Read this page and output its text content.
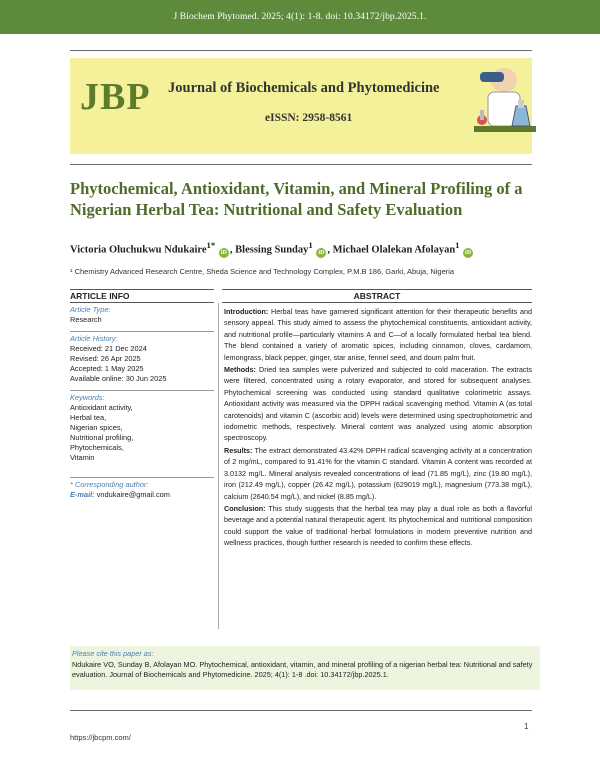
J Biochem Phytomed. 2025; 4(1): 1-8. doi: 10.34172/jbp.2025.1.
JBP Journal of Biochemicals and Phytomedicine
eISSN: 2958-8561
Phytochemical, Antioxidant, Vitamin, and Mineral Profiling of a Nigerian Herbal Tea: Nutritional and Safety Evaluation
Victoria Oluchukwu Ndukaire$^{1*}$ iD , Blessing Sunday$^1$ iD , Michael Olalekan Afolayan$^1$ iD
¹ Chemistry Advanced Research Centre, Sheda Science and Technology Complex, P.M.B 186, Garki, Abuja, Nigeria
ARTICLE INFO	ABSTRACT
Article Type:
Research
Article History:
Received: 21 Dec 2024
Revised: 26 Apr 2025
Accepted: 1 May 2025
Available online: 30 Jun 2025
Keywords:
Antioxidant activity,
Herbal tea,
Nigerian spices,
Nutritional profiling,
Phytochemicals,
Vitamin
* Corresponding author:
E-mail: vndukaire@gmail.com

Introduction: Herbal teas have garnered significant attention for their therapeutic benefits and sensory appeal. This study aimed to assess the phytochemical constituents, antioxidant activity, and nutritional profile—particularly vitamins A and C—of a locally formulated herbal tea blend. The blend contained a variety of aromatic spices, including cinnamon, cloves, cardamom, lemongrass, black pepper, ginger, star anise, fennel seed, and doum palm fruit.

Methods: Dried tea samples were pulverized and subjected to cold maceration. The extracts were filtered, concentrated using a rotary evaporator, and stored for subsequent analyses. Phytochemical screening was conducted using standard qualitative colorimetric assays. Antioxidant activity was measured via the DPPH radical scavenging method. Vitamin A (as total carotenoids) and vitamin C (ascorbic acid) levels were determined using spectrophotometric and iodometric methods, respectively. Mineral content was analyzed using atomic absorption spectroscopy.

Results: The extract demonstrated 43.42% DPPH radical scavenging activity at a concentration of 2 mg/mL, compared to 91.41% for the vitamin C standard. Vitamin A content was recorded at 3.0132 mg/L. Mineral analysis revealed concentrations of lead (71.85 mg/L), zinc (19.80 mg/L), iron (212.49 mg/L), copper (26.42 mg/L), potassium (629019 mg/L), magnesium (773.38 mg/L), calcium (2640.54 mg/L), and nickel (8.85 mg/L).

Conclusion: This study suggests that the herbal tea may play a dual role as both a flavorful beverage and a potential natural therapeutic agent. Its phytochemical and nutritional composition could support the value of traditional herbal formulations in modern preventive nutrition and wellness practices, though further research is needed to confirm these effects.

Please cite this paper as:
Ndukaire VO, Sunday B, Afolayan MO. Phytochemical, antioxidant, vitamin, and mineral profiling of a nigerian herbal tea: Nutritional and safety evaluation. Journal of Biochemicals and Phytomedicine. 2025; 4(1): 1-8 .doi: 10.34172/jbp.2025.1.
1
https://jbcpm.com/
